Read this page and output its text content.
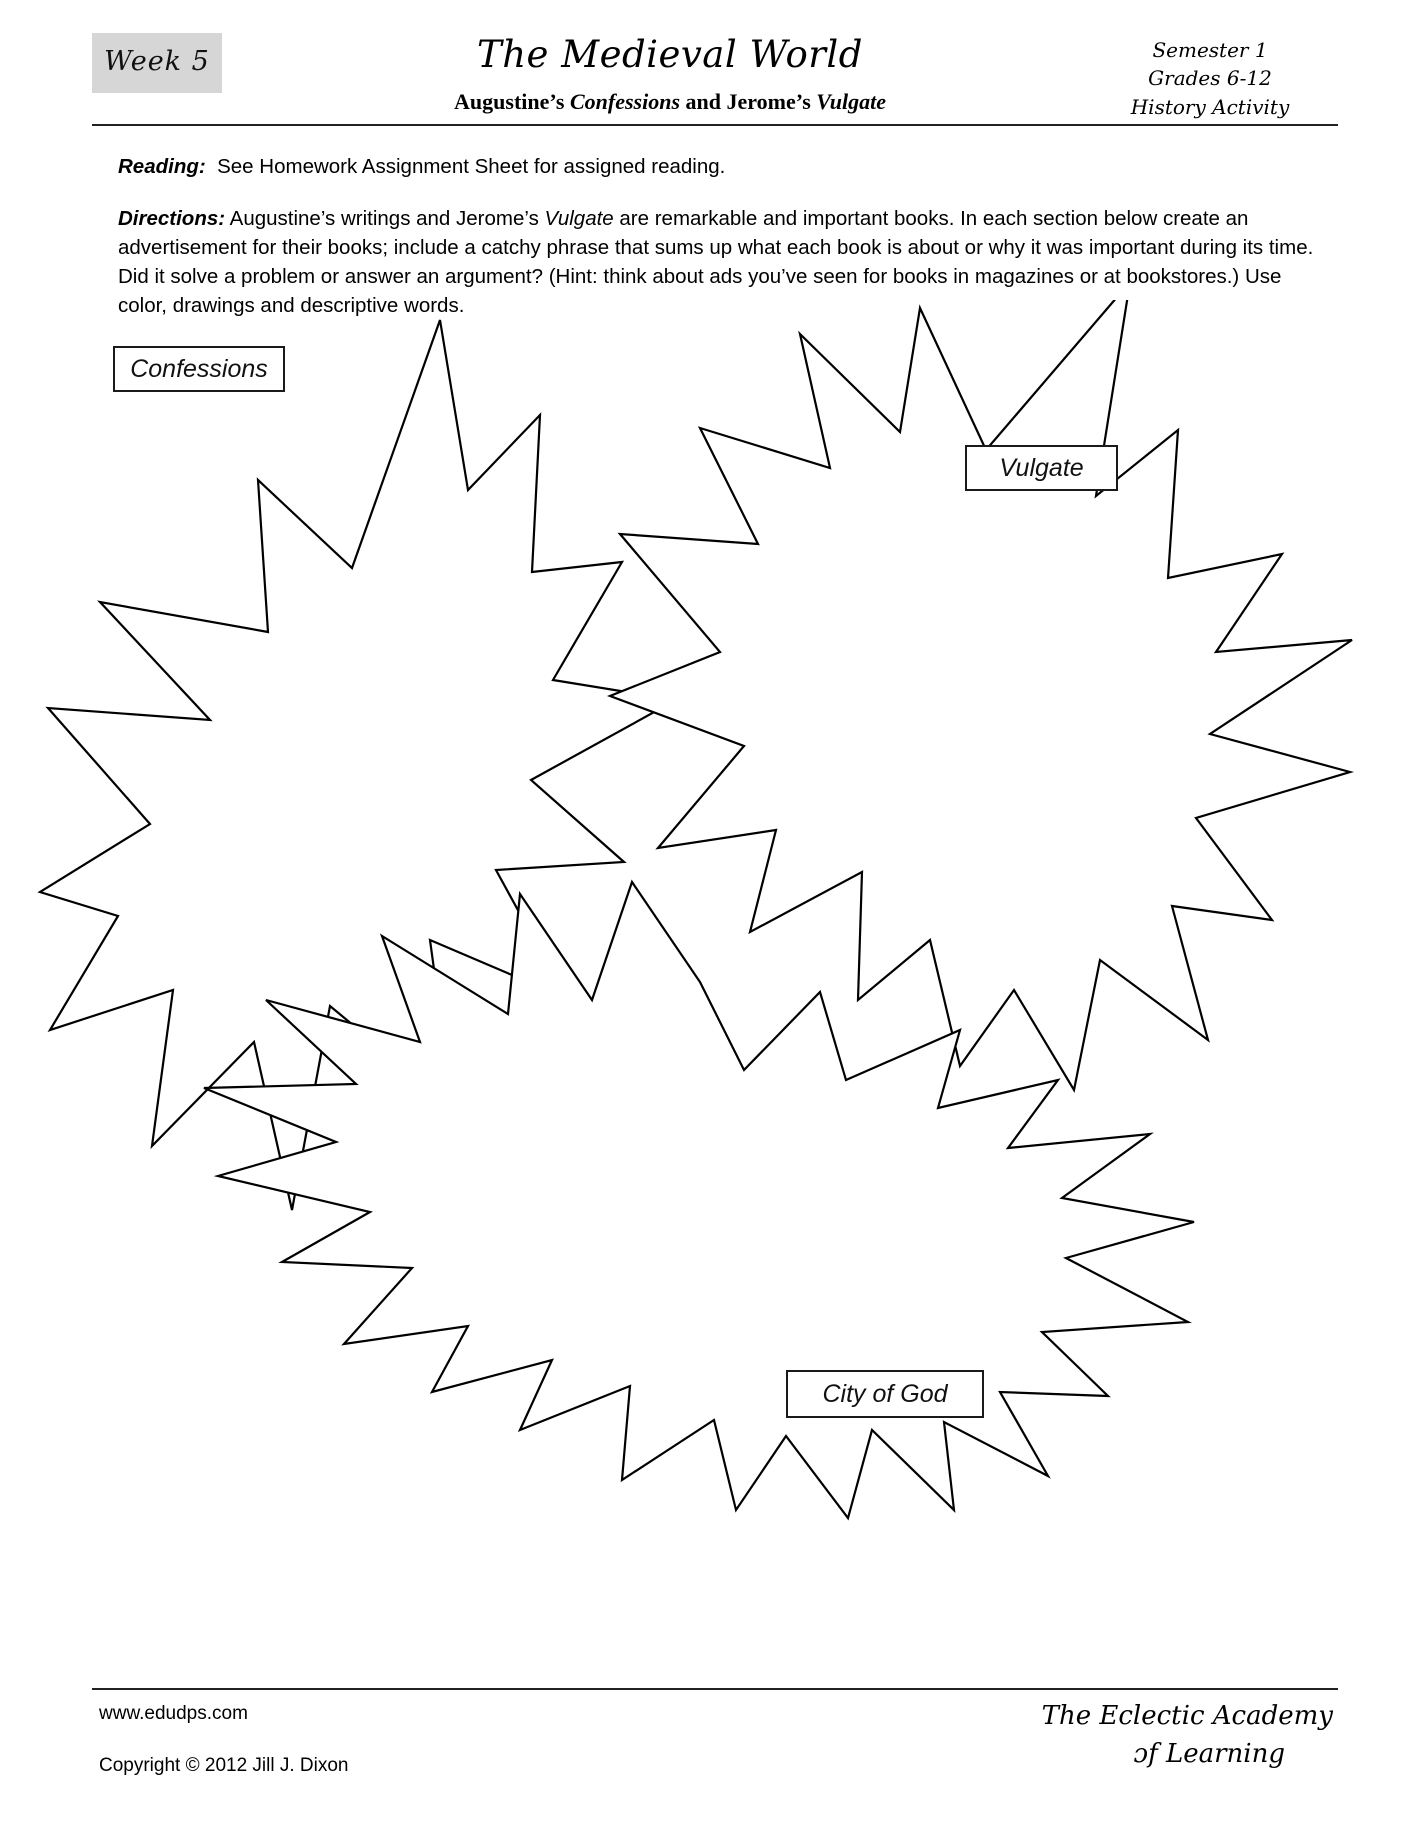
Week 5	The Medieval World
Augustine’s Confessions and Jerome’s Vulgate
Semester 1
Grades 6-12
History Activity
Reading: See Homework Assignment Sheet for assigned reading.
Directions: Augustine’s writings and Jerome’s Vulgate are remarkable and important books. In each section below create an advertisement for their books; include a catchy phrase that sums up what each book is about or why it was important during its time. Did it solve a problem or answer an argument? (Hint: think about ads you’ve seen for books in magazines or at bookstores.) Use color, drawings and descriptive words.
Confessions
Vulgate
City of God
www.edudps.com
Copyright © 2012 Jill J. Dixon
The Eclectic Academy
ɔf Learning
